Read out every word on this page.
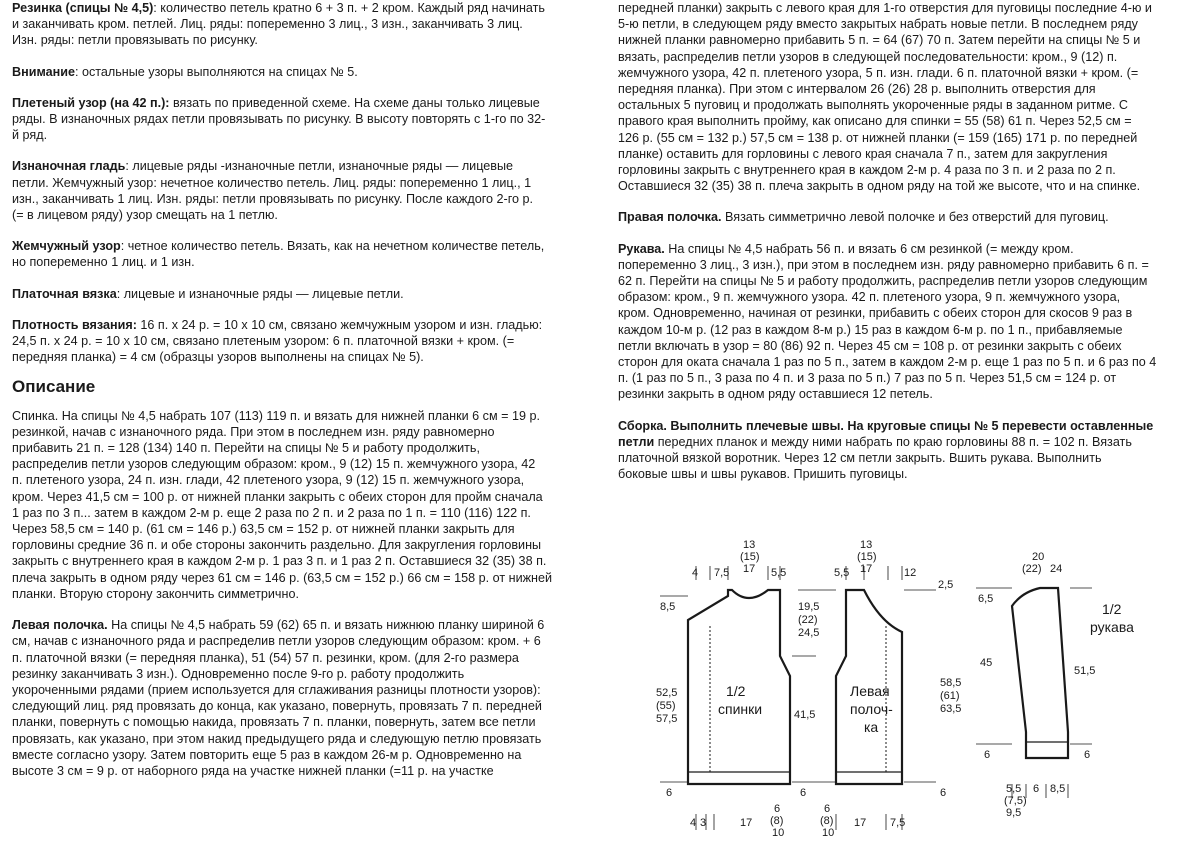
Резинка (спицы № 4,5): количество петель кратно 6 + 3 п. + 2 кром. Каждый ряд начинать
и заканчивать кром. петлей. Лиц. ряды: попеременно 3 лиц., 3 изн., заканчивать 3 лиц.
Изн. ряды: петли провязывать по рисунку.

Внимание: остальные узоры выполняются на спицах № 5.

Плетеный узор (на 42 п.): вязать по приведенной схеме. На схеме даны только лицевые
ряды. В изнаночных рядах петли провязывать по рисунку. В высоту повторять с 1-го по 32-
й ряд.

Изнаночная гладь: лицевые ряды -изнаночные петли, изнаночные ряды — лицевые
петли. Жемчужный узор: нечетное количество петель. Лиц. ряды: попеременно 1 лиц., 1
изн., заканчивать 1 лиц. Изн. ряды: петли провязывать по рисунку. После каждого 2-го р.
(= в лицевом ряду) узор смещать на 1 петлю.

Жемчужный узор: четное количество петель. Вязать, как на нечетном количестве петель,
но попеременно 1 лиц. и 1 изн.

Платочная вязка: лицевые и изнаночные ряды — лицевые петли.

Плотность вязания: 16 п. х 24 р. = 10 х 10 см, связано жемчужным узором и изн. гладью:
24,5 п. х 24 р. = 10 х 10 см, связано плетеным узором: 6 п. платочной вязки + кром. (=
передняя планка) = 4 см (образцы узоров выполнены на спицах № 5).

Описание

Спинка. На спицы № 4,5 набрать 107 (113) 119 п. и вязать для нижней планки 6 см = 19 р.
резинкой, начав с изнаночного ряда. При этом в последнем изн. ряду равномерно
прибавить 21 п. = 128 (134) 140 п. Перейти на спицы № 5 и работу продолжить,
распределив петли узоров следующим образом: кром., 9 (12) 15 п. жемчужного узора, 42
п. плетеного узора, 24 п. изн. глади, 42 плетеного узора, 9 (12) 15 п. жемчужного узора,
кром. Через 41,5 см = 100 р. от нижней планки закрыть с обеих сторон для пройм сначала
1 раз по 3 п... затем в каждом 2-м р. еще 2 раза по 2 п. и 2 раза по 1 п. = 110 (116) 122 п.
Через 58,5 см = 140 р. (61 см = 146 р.) 63,5 см = 152 р. от нижней планки закрыть для
горловины средние 36 п. и обе стороны закончить раздельно. Для закругления горловины
закрыть с внутреннего края в каждом 2-м р. 1 раз 3 п. и 1 раз 2 п. Оставшиеся 32 (35) 38 п.
плеча закрыть в одном ряду через 61 см = 146 р. (63,5 см = 152 р.) 66 см = 158 р. от нижней
планки. Вторую сторону закончить симметрично.

Левая полочка. На спицы № 4,5 набрать 59 (62) 65 п. и вязать нижнюю планку шириной 6
см, начав с изнаночного ряда и распределив петли узоров следующим образом: кром. + 6
п. платочной вязки (= передняя планка), 51 (54) 57 п. резинки, кром. (для 2-го размера
резинку заканчивать 3 изн.). Одновременно после 9-го р. работу продолжить
укороченными рядами (прием используется для сглаживания разницы плотности узоров):
следующий лиц. ряд провязать до конца, как указано, повернуть, провязать 7 п. передней
планки, повернуть с помощью накида, провязать 7 п. планки, повернуть, затем все петли
провязать, как указано, при этом накид предыдущего ряда и следующую петлю провязать
вместе согласно узору. Затем повторить еще 5 раз в каждом 26-м р. Одновременно на
высоте 3 см = 9 р. от наборного ряда на участке нижней планки (=11 р. на участке

передней планки) закрыть с левого края для 1-го отверстия для пуговицы последние 4-ю и
5-ю петли, в следующем ряду вместо закрытых набрать новые петли. В последнем ряду
нижней планки равномерно прибавить 5 п. = 64 (67) 70 п. Затем перейти на спицы № 5 и
вязать, распределив петли узоров в следующей последовательности: кром., 9 (12) п.
жемчужного узора, 42 п. плетеного узора, 5 п. изн. глади. 6 п. платочной вязки + кром. (=
передняя планка). При этом с интервалом 26 (26) 28 р. выполнить отверстия для
остальных 5 пуговиц и продолжать выполнять укороченные ряды в заданном ритме. С
правого края выполнить пройму, как описано для спинки = 55 (58) 61 п. Через 52,5 см =
126 р. (55 см = 132 р.) 57,5 см = 138 р. от нижней планки (= 159 (165) 171 р. по передней
планке) оставить для горловины с левого края сначала 7 п., затем для закругления
горловины закрыть с внутреннего края в каждом 2-м р. 4 раза по 3 п. и 2 раза по 2 п.
Оставшиеся 32 (35) 38 п. плеча закрыть в одном ряду на той же высоте, что и на спинке.

Правая полочка. Вязать симметрично левой полочке и без отверстий для пуговиц.

Рукава. На спицы № 4,5 набрать 56 п. и вязать 6 см резинкой (= между кром.
попеременно 3 лиц., 3 изн.), при этом в последнем изн. ряду равномерно прибавить 6 п. =
62 п. Перейти на спицы № 5 и работу продолжить, распределив петли узоров следующим
образом: кром., 9 п. жемчужного узора. 42 п. плетеного узора, 9 п. жемчужного узора,
кром. Одновременно, начиная от резинки, прибавить с обеих сторон для скосов 9 раз в
каждом 10-м р. (12 раз в каждом 8-м р.) 15 раз в каждом 6-м р. по 1 п., прибавляемые
петли включать в узор = 80 (86) 92 п. Через 45 см = 108 р. от резинки закрыть с обеих
сторон для оката сначала 1 раз по 5 п., затем в каждом 2-м р. еще 1 раз по 5 п. и 6 раз по 4
п. (1 раз по 5 п., 3 раза по 4 п. и 3 раза по 5 п.) 7 раз по 5 п. Через 51,5 см = 124 р. от
резинки закрыть в одном ряду оставшиеся 12 петель.

Сборка. Выполнить плечевые швы. На круговые спицы № 5 перевести оставленные
петли передних планок и между ними набрать по краю горловины 88 п. = 102 п. Вязать
платочной вязкой воротник. Через 12 см петли закрыть. Вшить рукава. Выполнить
боковые швы и швы рукавов. Пришить пуговицы.

4 7,5	5,5
13
(15)
17
8,5
52,5
(55)
57,5	41,5
6
1/2
спинки
4 3	17
6
(8)
10
6
5,5	12
13
(15)
17
19,5
(22)
24,5
2,5
58,5
(61)
63,5
Левая
полоч-
ка
6
6
(8)
10
17 7,5
20
(22) 24
6,5
45
51,5
1/2
рукава
6	6
5,5
(7,5)
9,5
6 8,5
